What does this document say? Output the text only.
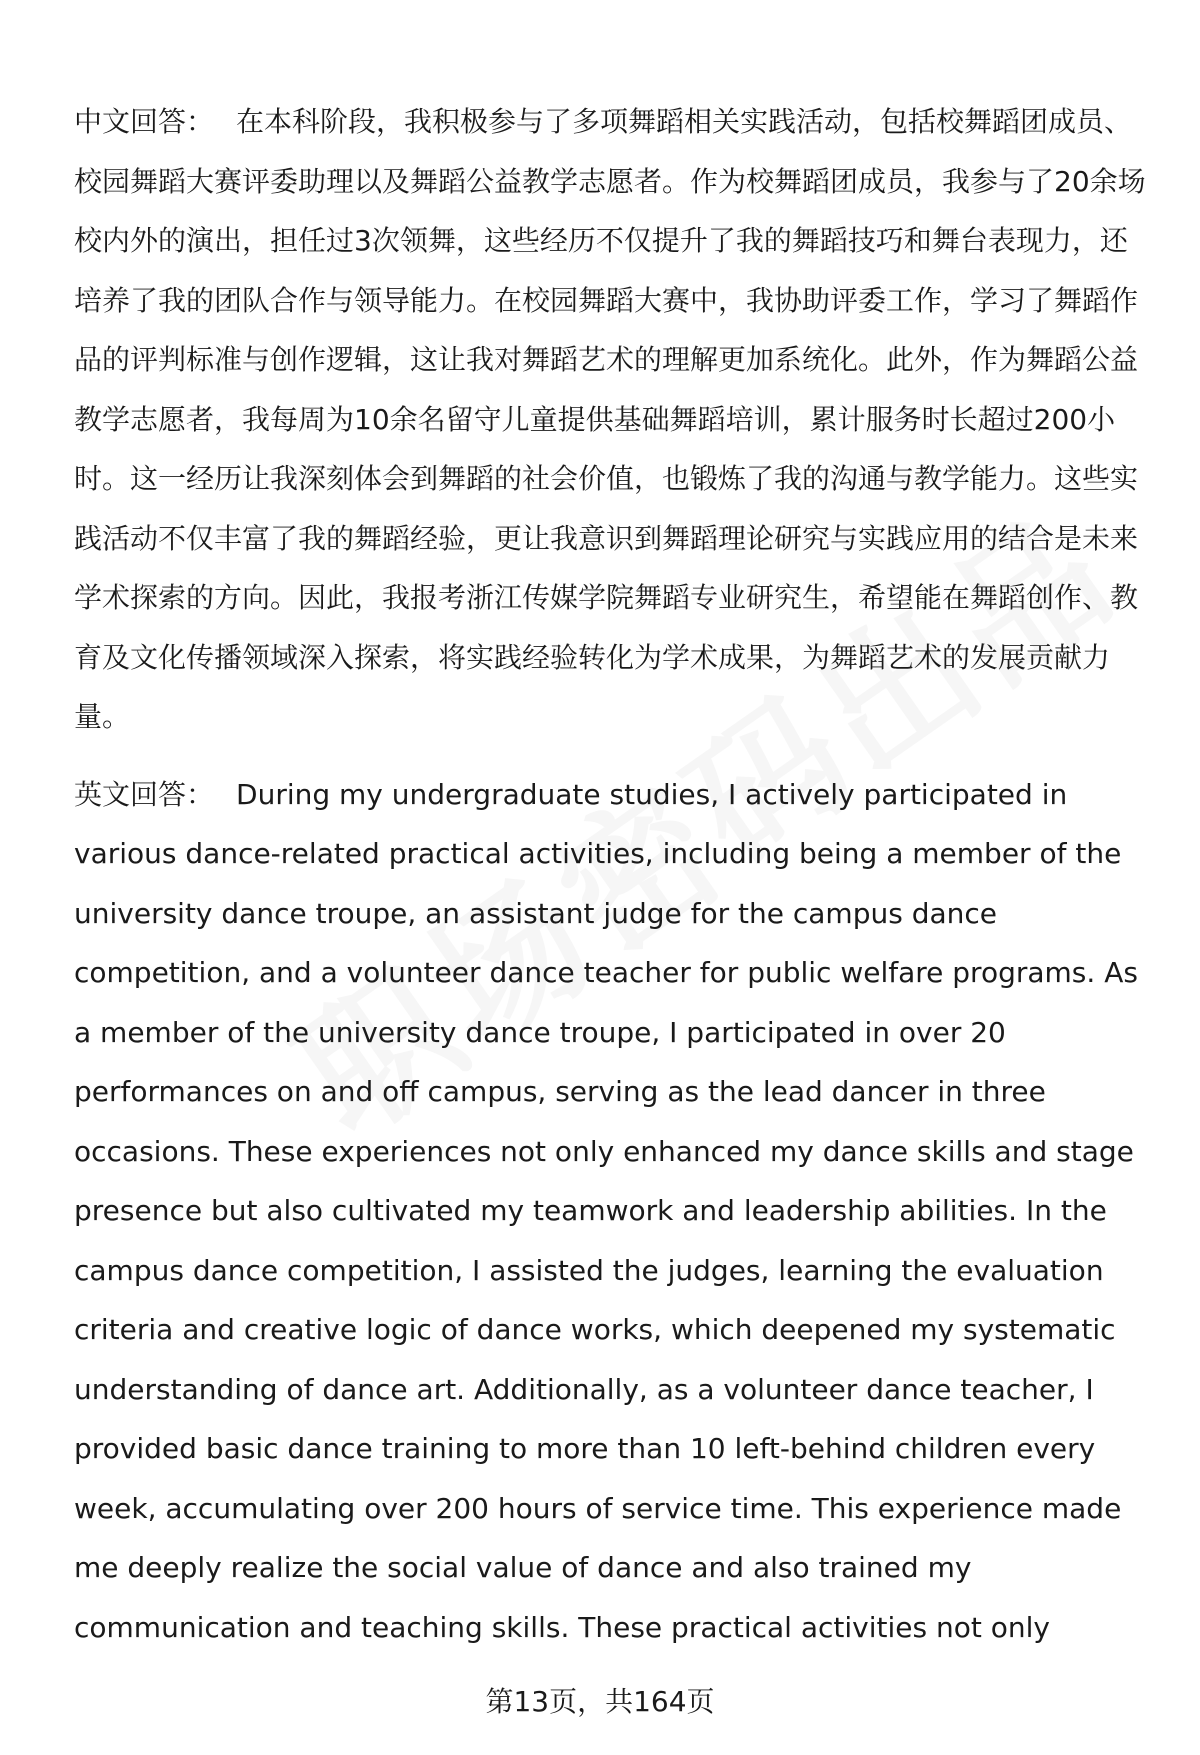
中文回答： 在本科阶段，我积极参与了多项舞蹈相关实践活动，包括校舞蹈团成员、校园舞蹈大赛评委助理以及舞蹈公益教学志愿者。作为校舞蹈团成员，我参与了20余场校内外的演出，担任过3次领舞，这些经历不仅提升了我的舞蹈技巧和舞台表现力，还培养了我的团队合作与领导能力。在校园舞蹈大赛中，我协助评委工作，学习了舞蹈作品的评判标准与创作逻辑，这让我对舞蹈艺术的理解更加系统化。此外，作为舞蹈公益教学志愿者，我每周为10余名留守儿童提供基础舞蹈培训，累计服务时长超过200小时。这一经历让我深刻体会到舞蹈的社会价值，也锻炼了我的沟通与教学能力。这些实践活动不仅丰富了我的舞蹈经验，更让我意识到舞蹈理论研究与实践应用的结合是未来学术探索的方向。因此，我报考浙江传媒学院舞蹈专业研究生，希望能在舞蹈创作、教育及文化传播领域深入探索，将实践经验转化为学术成果，为舞蹈艺术的发展贡献力量。

英文回答： During my undergraduate studies, I actively participated in various dance-related practical activities, including being a member of the university dance troupe, an assistant judge for the campus dance competition, and a volunteer dance teacher for public welfare programs. As a member of the university dance troupe, I participated in over 20 performances on and off campus, serving as the lead dancer in three occasions. These experiences not only enhanced my dance skills and stage presence but also cultivated my teamwork and leadership abilities. In the campus dance competition, I assisted the judges, learning the evaluation criteria and creative logic of dance works, which deepened my systematic understanding of dance art. Additionally, as a volunteer dance teacher, I provided basic dance training to more than 10 left-behind children every week, accumulating over 200 hours of service time. This experience made me deeply realize the social value of dance and also trained my communication and teaching skills. These practical activities not only

第13页，共164页
